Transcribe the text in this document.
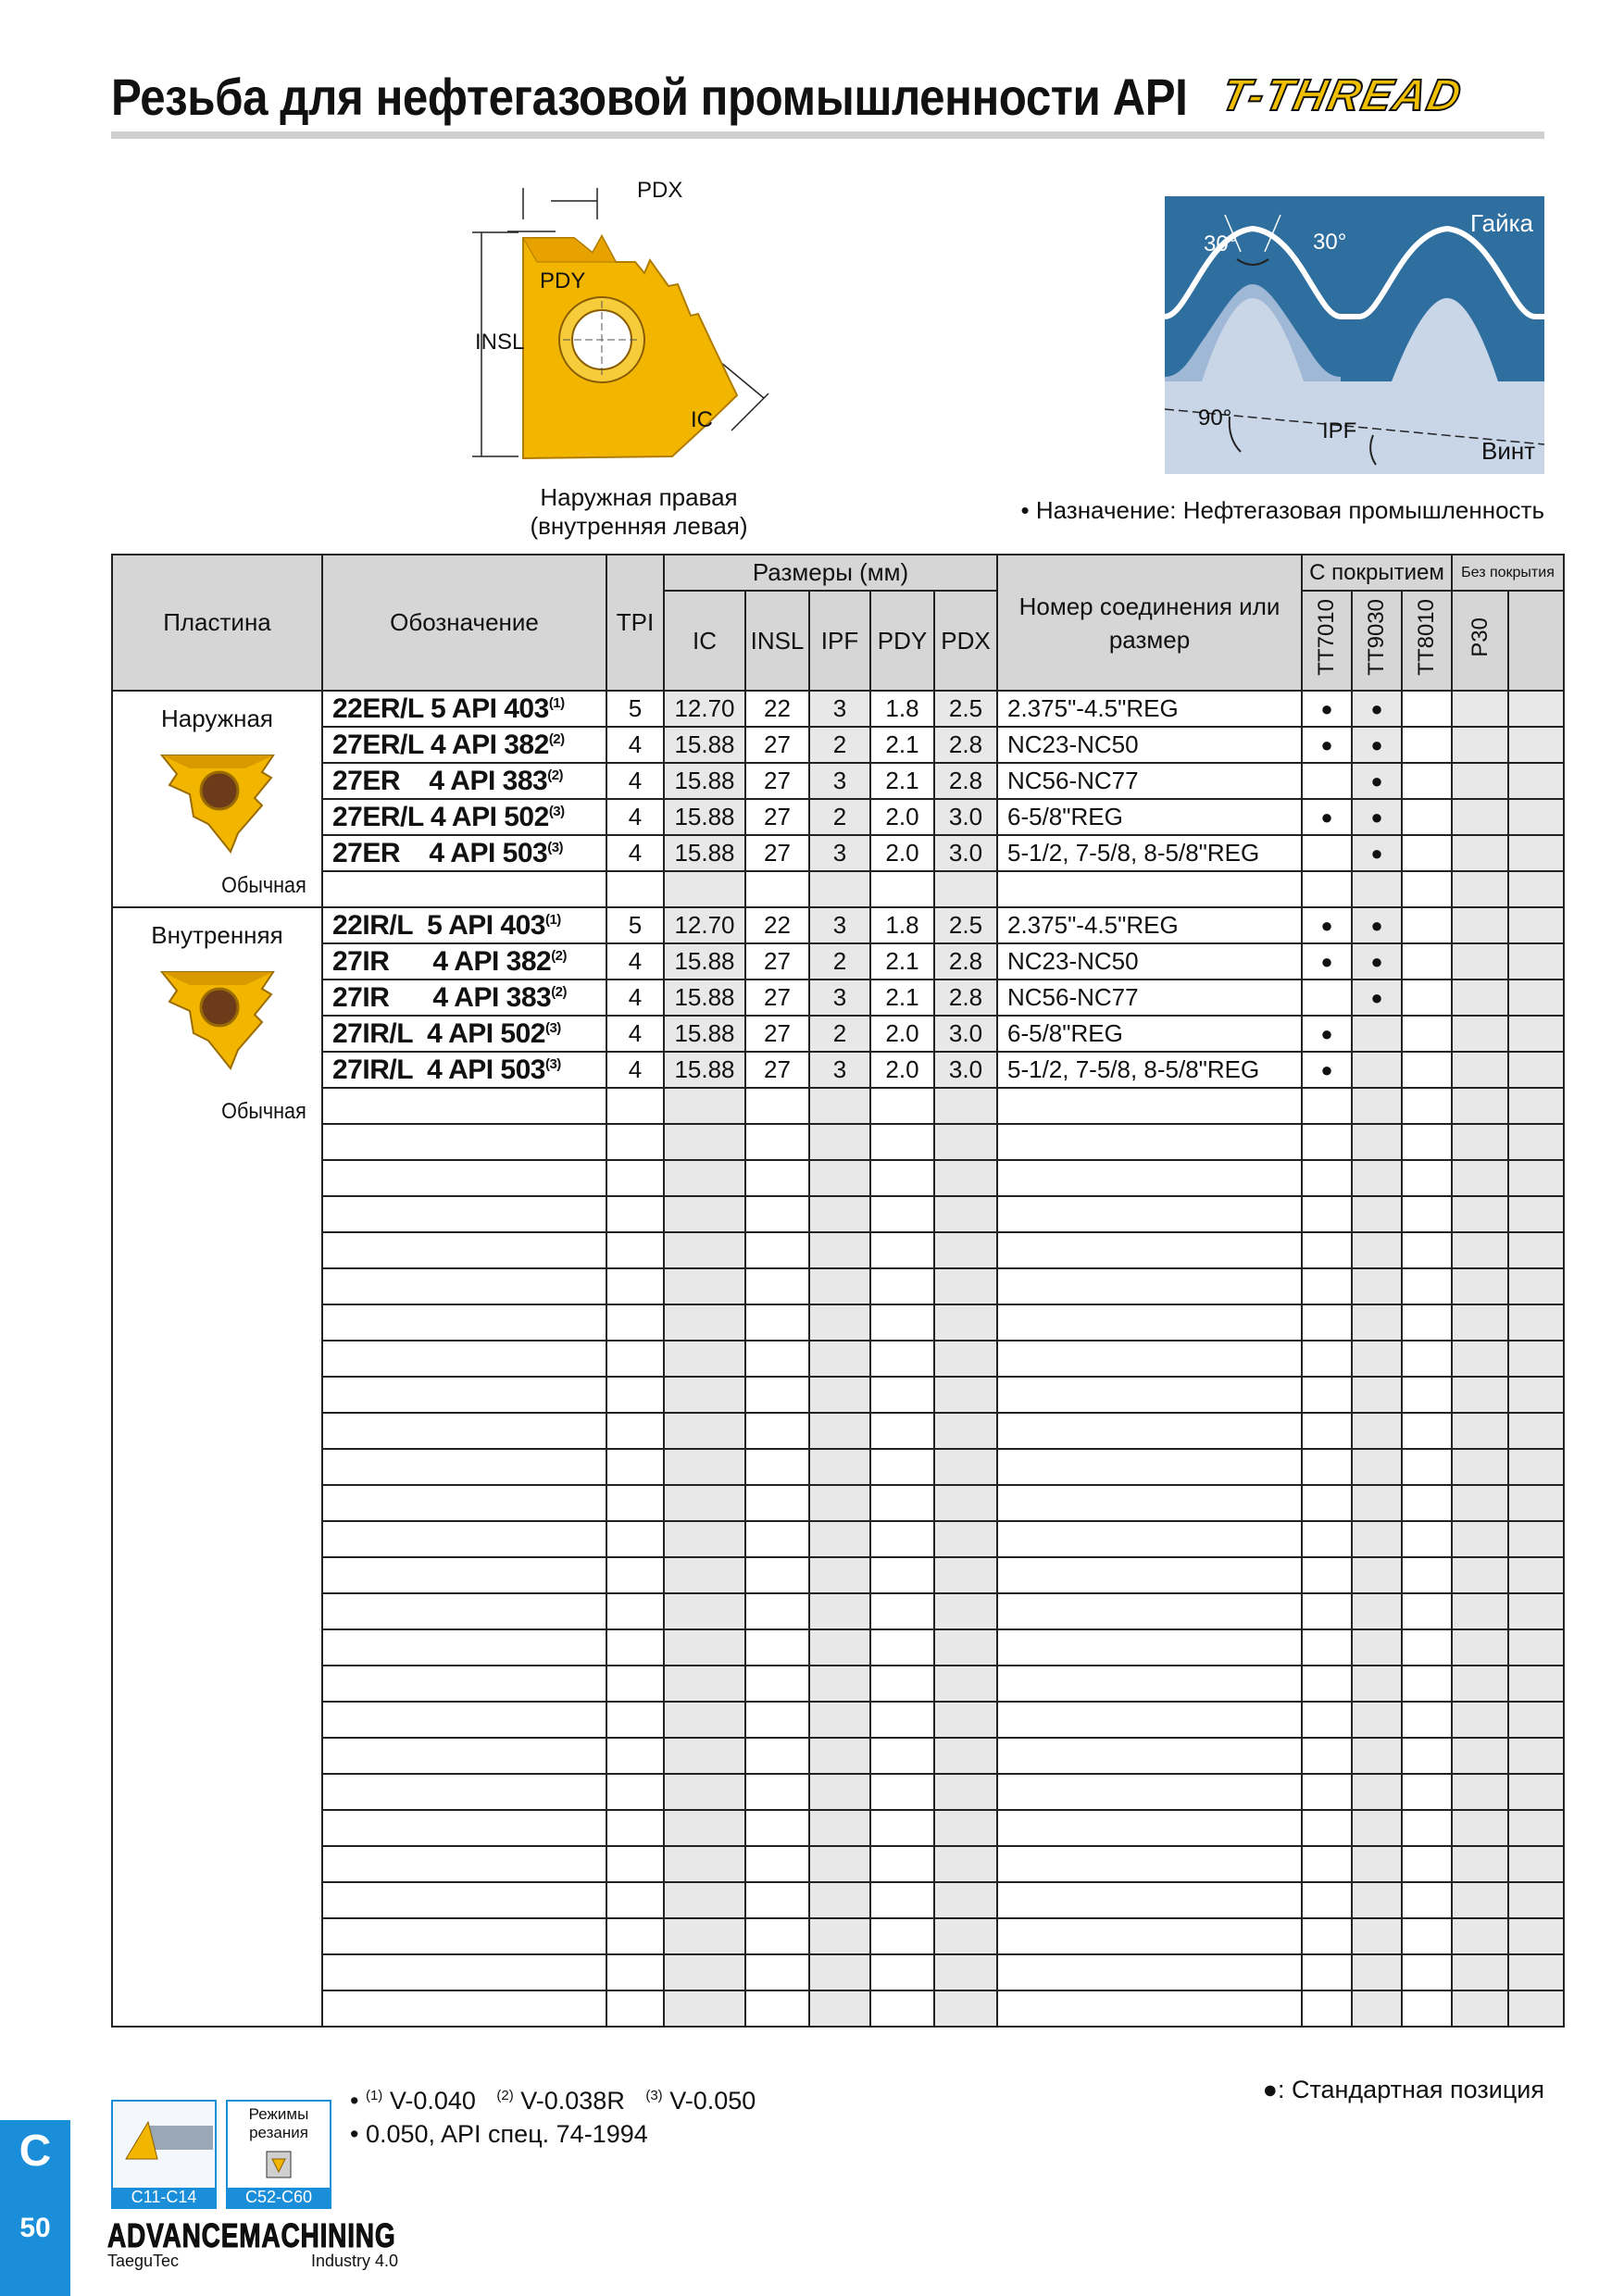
Резьба для нефтегазовой промышленности API T-THREAD
PDX
PDY
INSL
IC
Наружная правая
(внутренняя левая)
Гайка
30°	30°
90°
IPF
Винт
• Назначение: Нефтегазовая промышленность
Пластина	Обозначение	TPI	Размеры (мм)					Номер соединения или
размер	С покрытием			Без покрытия	
			IC	INSL	IPF	PDY	PDX		TT7010	TT9030	TT8010	P30	

Наружная
Обычная	22ER/L 5 API 403$^{(1)}$	5	12.70	22	3	1.8	2.5	2.375"-4.5"REG	●	●			
	27ER/L 4 API 382$^{(2)}$	4	15.88	27	2	2.1	2.8	NC23-NC50	●	●			
	27ER    4 API 383$^{(2)}$	4	15.88	27	3	2.1	2.8	NC56-NC77		●			
	27ER/L 4 API 502$^{(3)}$	4	15.88	27	2	2.0	3.0	6-5/8"REG	●	●			
	27ER    4 API 503$^{(3)}$	4	15.88	27	3	2.0	3.0	5-1/2, 7-5/8, 8-5/8"REG		●			

Внутренняя
Обычная	22IR/L  5 API 403$^{(1)}$	5	12.70	22	3	1.8	2.5	2.375"-4.5"REG	●	●			
	27IR      4 API 382$^{(2)}$	4	15.88	27	2	2.1	2.8	NC23-NC50	●	●			
	27IR      4 API 383$^{(2)}$	4	15.88	27	3	2.1	2.8	NC56-NC77		●			
	27IR/L  4 API 502$^{(3)}$	4	15.88	27	2	2.0	3.0	6-5/8"REG	●				
	27IR/L  4 API 503$^{(3)}$	4	15.88	27	3	2.0	3.0	5-1/2, 7-5/8, 8-5/8"REG	●				

C11-C14
Режимы
резания
C52-C60
• $^{(1)}$ V-0.040 $^{(2)}$ V-0.038R $^{(3)}$ V-0.050
• 0.050, API спец. 74-1994
●: Стандартная позиция
C
50	ADVANCEMACHINING
TaeguTec	Industry 4.0
